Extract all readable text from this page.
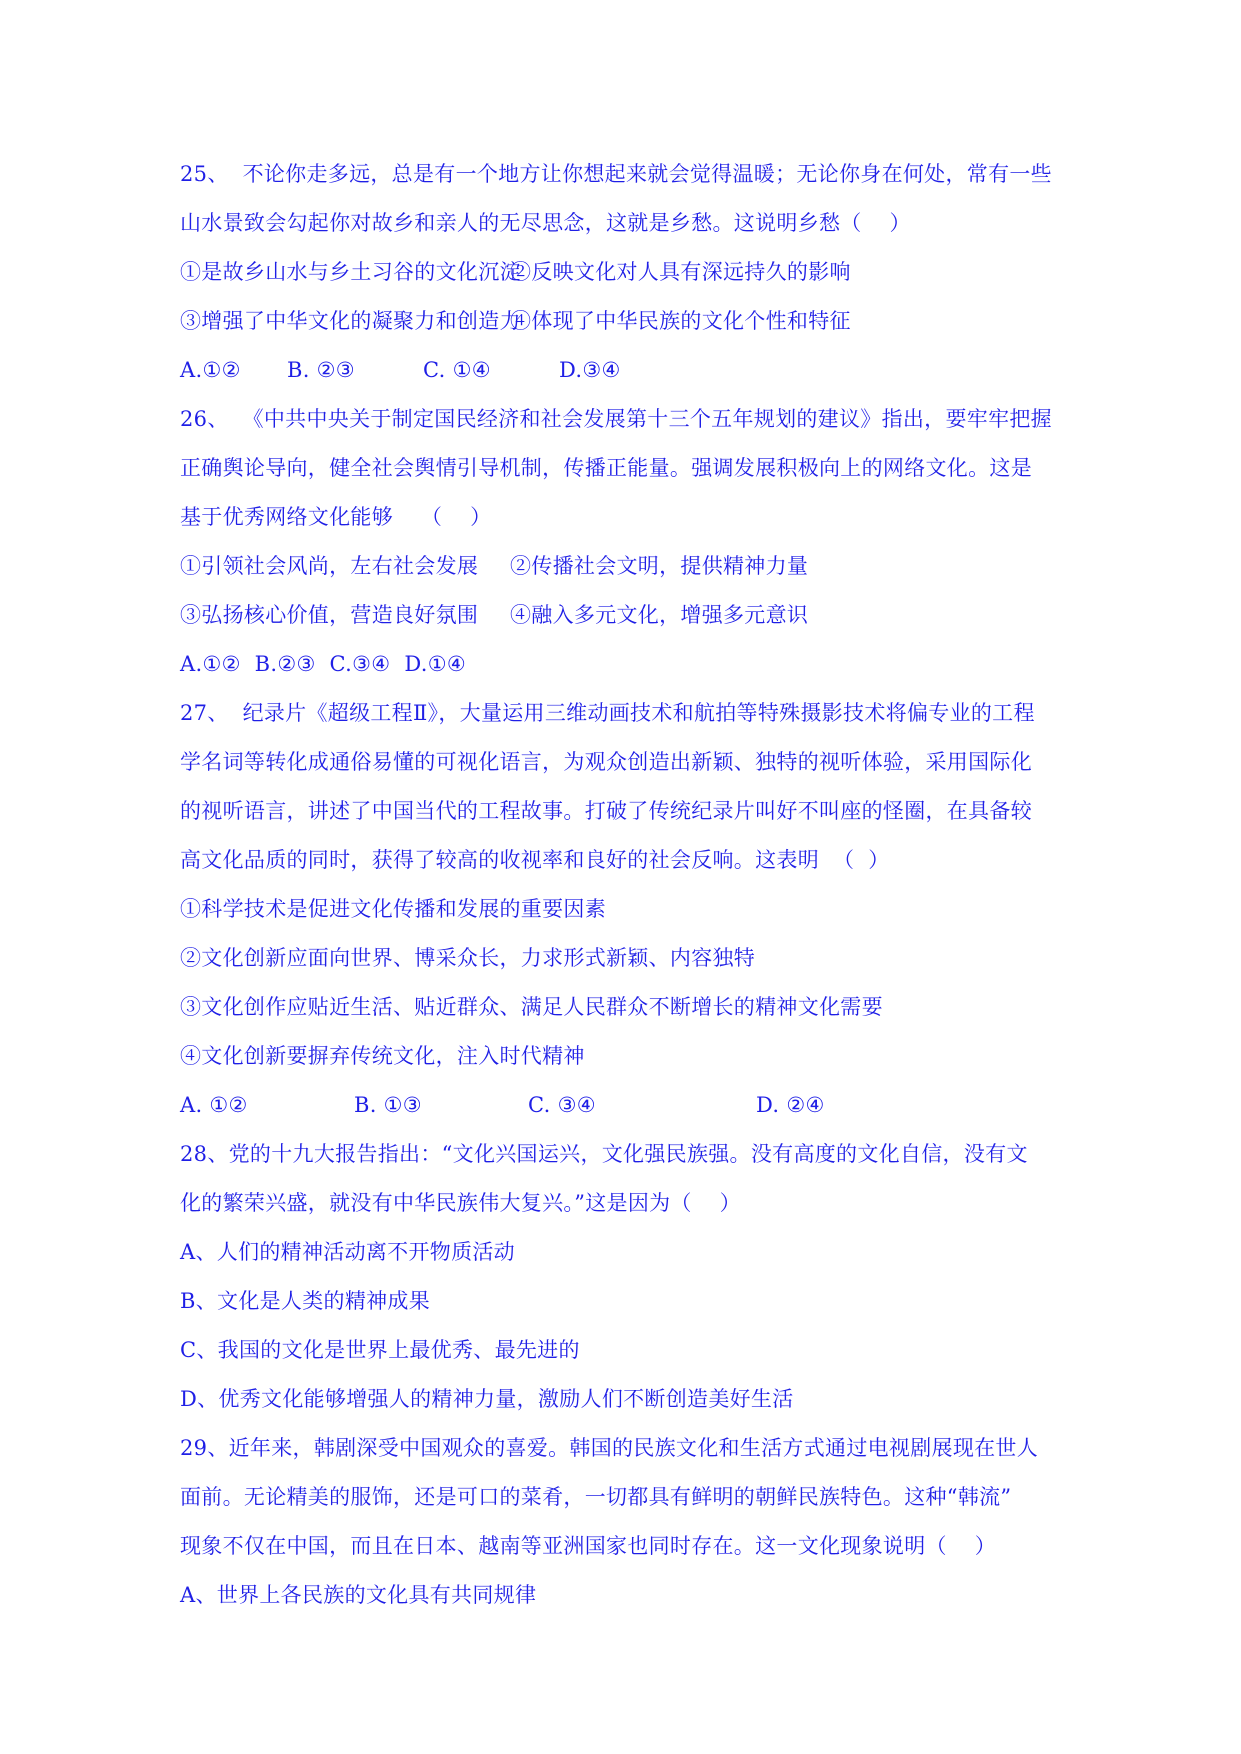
25、  不论你走多远，总是有一个地方让你想起来就会觉得温暖；无论你身在何处，常有一些

山水景致会勾起你对故乡和亲人的无尽思念，这就是乡愁。这说明乡愁（    ）

①是故乡山水与乡土习谷的文化沉淀②反映文化对人具有深远持久的影响

③增强了中华文化的凝聚力和创造力④体现了中华民族的文化个性和特征

A.①② B. ②③	C. ①④	D.③④

26、  《中共中央关于制定国民经济和社会发展第十三个五年规划的建议》指出，要牢牢把握

正确舆论导向，健全社会舆情引导机制，传播正能量。强调发展积极向上的网络文化。这是

基于优秀网络文化能够    （    ）

①引领社会风尚，左右社会发展 ②传播社会文明，提供精神力量

③弘扬核心价值，营造良好氛围 ④融入多元文化，增强多元意识

A.①②  B.②③  C.③④  D.①④

27、  纪录片《超级工程Ⅱ》，大量运用三维动画技术和航拍等特殊摄影技术将偏专业的工程

学名词等转化成通俗易懂的可视化语言，为观众创造出新颖、独特的视听体验，采用国际化

的视听语言，讲述了中国当代的工程故事。打破了传统纪录片叫好不叫座的怪圈，在具备较

高文化品质的同时，获得了较高的收视率和良好的社会反响。这表明  （  ）

①科学技术是促进文化传播和发展的重要因素

②文化创新应面向世界、博采众长，力求形式新颖、内容独特

③文化创作应贴近生活、贴近群众、满足人民群众不断增长的精神文化需要

④文化创新要摒弃传统文化，注入时代精神

A. ①②	B. ①③	C. ③④	D. ②④

28、党的十九大报告指出：“文化兴国运兴，文化强民族强。没有高度的文化自信，没有文

化的繁荣兴盛，就没有中华民族伟大复兴。”这是因为（    ）

A、人们的精神活动离不开物质活动

B、文化是人类的精神成果

C、我国的文化是世界上最优秀、最先进的

D、优秀文化能够增强人的精神力量，激励人们不断创造美好生活

29、近年来，韩剧深受中国观众的喜爱。韩国的民族文化和生活方式通过电视剧展现在世人

面前。无论精美的服饰，还是可口的菜肴，一切都具有鲜明的朝鲜民族特色。这种“韩流”

现象不仅在中国，而且在日本、越南等亚洲国家也同时存在。这一文化现象说明（    ）

A、世界上各民族的文化具有共同规律
